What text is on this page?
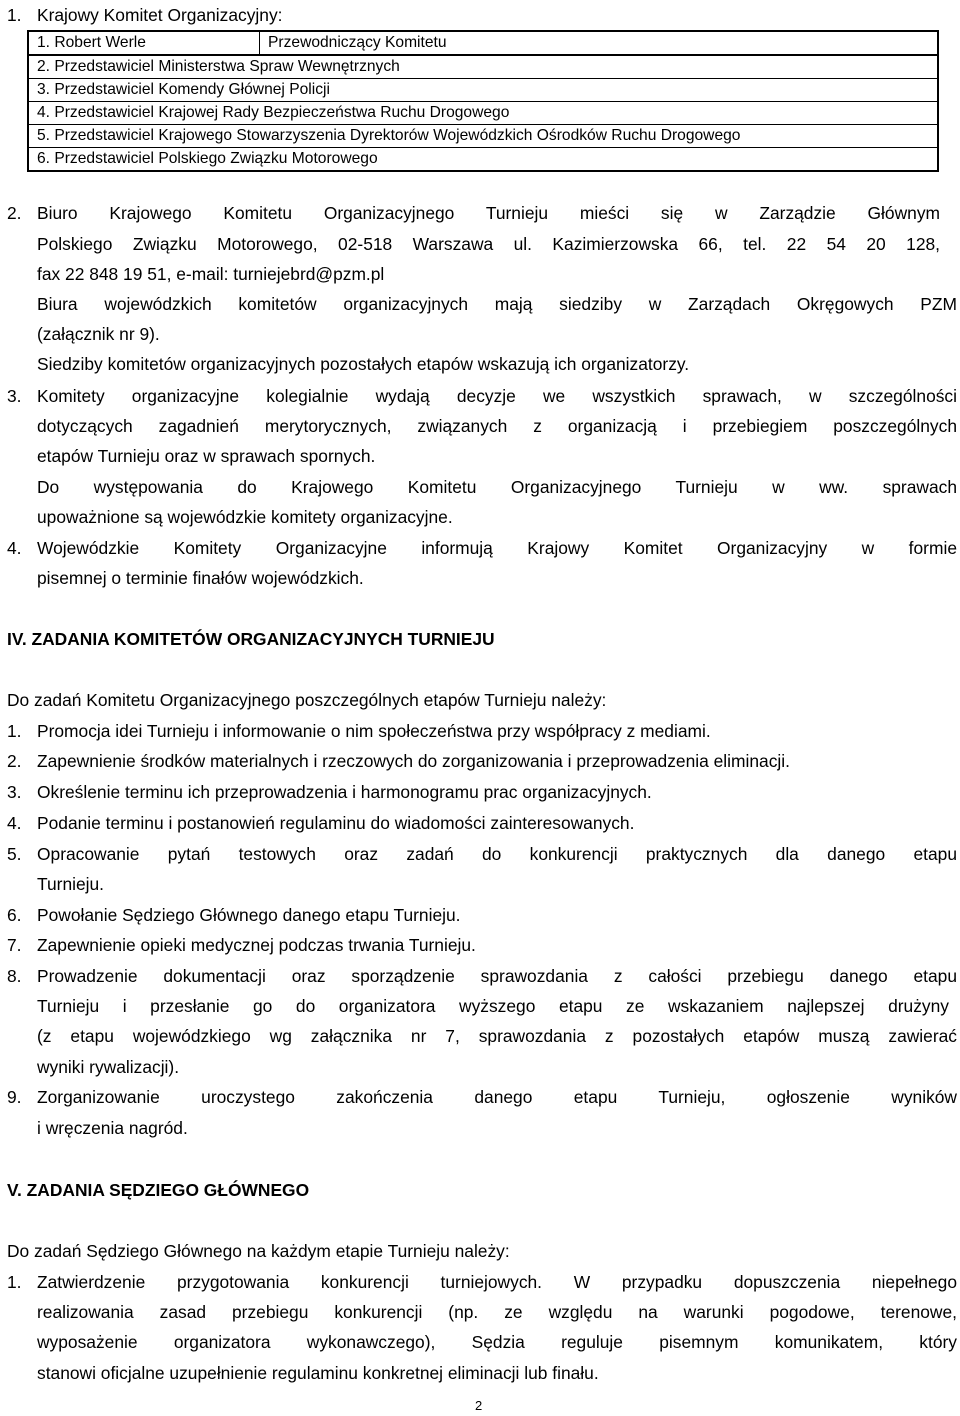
1. Krajowy Komitet Organizacyjny:
1. Robert Werle	Przewodniczący Komitetu
2. Przedstawiciel Ministerstwa Spraw Wewnętrznych
3. Przedstawiciel Komendy Głównej Policji
4. Przedstawiciel Krajowej Rady Bezpieczeństwa Ruchu Drogowego
5. Przedstawiciel Krajowego Stowarzyszenia Dyrektorów Wojewódzkich Ośrodków Ruchu Drogowego
6. Przedstawiciel Polskiego Związku Motorowego
2. Biuro Krajowego Komitetu Organizacyjnego Turnieju mieści się w Zarządzie Głównym
Polskiego Związku Motorowego, 02-518 Warszawa ul. Kazimierzowska 66, tel. 22 54 20 128,
fax 22 848 19 51, e-mail: turniejebrd@pzm.pl
Biura wojewódzkich komitetów organizacyjnych mają siedziby w Zarządach Okręgowych PZM
(załącznik nr 9).
Siedziby komitetów organizacyjnych pozostałych etapów wskazują ich organizatorzy.
3. Komitety organizacyjne kolegialnie wydają decyzje we wszystkich sprawach, w szczególności
dotyczących zagadnień merytorycznych, związanych z organizacją i przebiegiem poszczególnych
etapów Turnieju oraz w sprawach spornych.
Do występowania do Krajowego Komitetu Organizacyjnego Turnieju w ww. sprawach
upoważnione są wojewódzkie komitety organizacyjne.
4. Wojewódzkie Komitety Organizacyjne informują Krajowy Komitet Organizacyjny w formie
pisemnej o terminie finałów wojewódzkich.
IV. ZADANIA KOMITETÓW ORGANIZACYJNYCH TURNIEJU
Do zadań Komitetu Organizacyjnego poszczególnych etapów Turnieju należy:
1. Promocja idei Turnieju i informowanie o nim społeczeństwa przy współpracy z mediami.
2. Zapewnienie środków materialnych i rzeczowych do zorganizowania i przeprowadzenia eliminacji.
3. Określenie terminu ich przeprowadzenia i harmonogramu prac organizacyjnych.
4. Podanie terminu i postanowień regulaminu do wiadomości zainteresowanych.
5. Opracowanie pytań testowych oraz zadań do konkurencji praktycznych dla danego etapu
Turnieju.
6. Powołanie Sędziego Głównego danego etapu Turnieju.
7. Zapewnienie opieki medycznej podczas trwania Turnieju.
8. Prowadzenie dokumentacji oraz sporządzenie sprawozdania z całości przebiegu danego etapu
Turnieju i przesłanie go do organizatora wyższego etapu ze wskazaniem najlepszej drużyny
(z etapu wojewódzkiego wg załącznika nr 7, sprawozdania z pozostałych etapów muszą zawierać
wyniki rywalizacji).
9. Zorganizowanie uroczystego zakończenia danego etapu Turnieju, ogłoszenie wyników
i wręczenia nagród.
V. ZADANIA SĘDZIEGO GŁÓWNEGO
Do zadań Sędziego Głównego na każdym etapie Turnieju należy:
1. Zatwierdzenie przygotowania konkurencji turniejowych. W przypadku dopuszczenia niepełnego
realizowania zasad przebiegu konkurencji (np. ze względu na warunki pogodowe, terenowe,
wyposażenie organizatora wykonawczego), Sędzia reguluje pisemnym komunikatem, który
stanowi oficjalne uzupełnienie regulaminu konkretnej eliminacji lub finału.
2
